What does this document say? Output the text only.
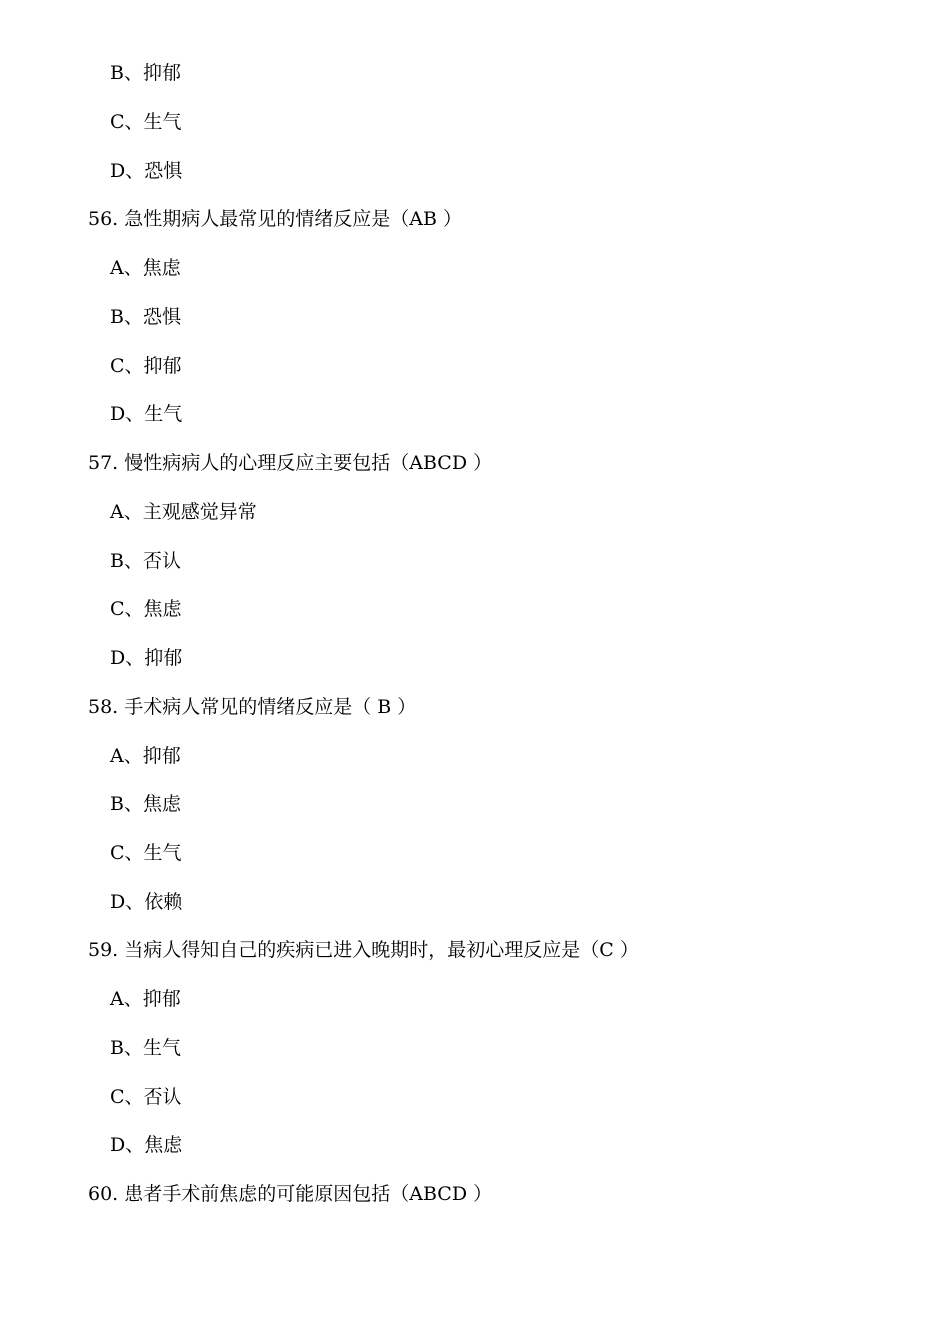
B、抑郁
C、生气
D、恐惧
56. 急性期病人最常见的情绪反应是（AB ）
A、焦虑
B、恐惧
C、抑郁
D、生气
57. 慢性病病人的心理反应主要包括（ABCD ）
A、主观感觉异常
B、否认
C、焦虑
D、抑郁
58. 手术病人常见的情绪反应是（ B ）
A、抑郁
B、焦虑
C、生气
D、依赖
59. 当病人得知自己的疾病已进入晚期时，最初心理反应是（C ）
A、抑郁
B、生气
C、否认
D、焦虑
60. 患者手术前焦虑的可能原因包括（ABCD ）
